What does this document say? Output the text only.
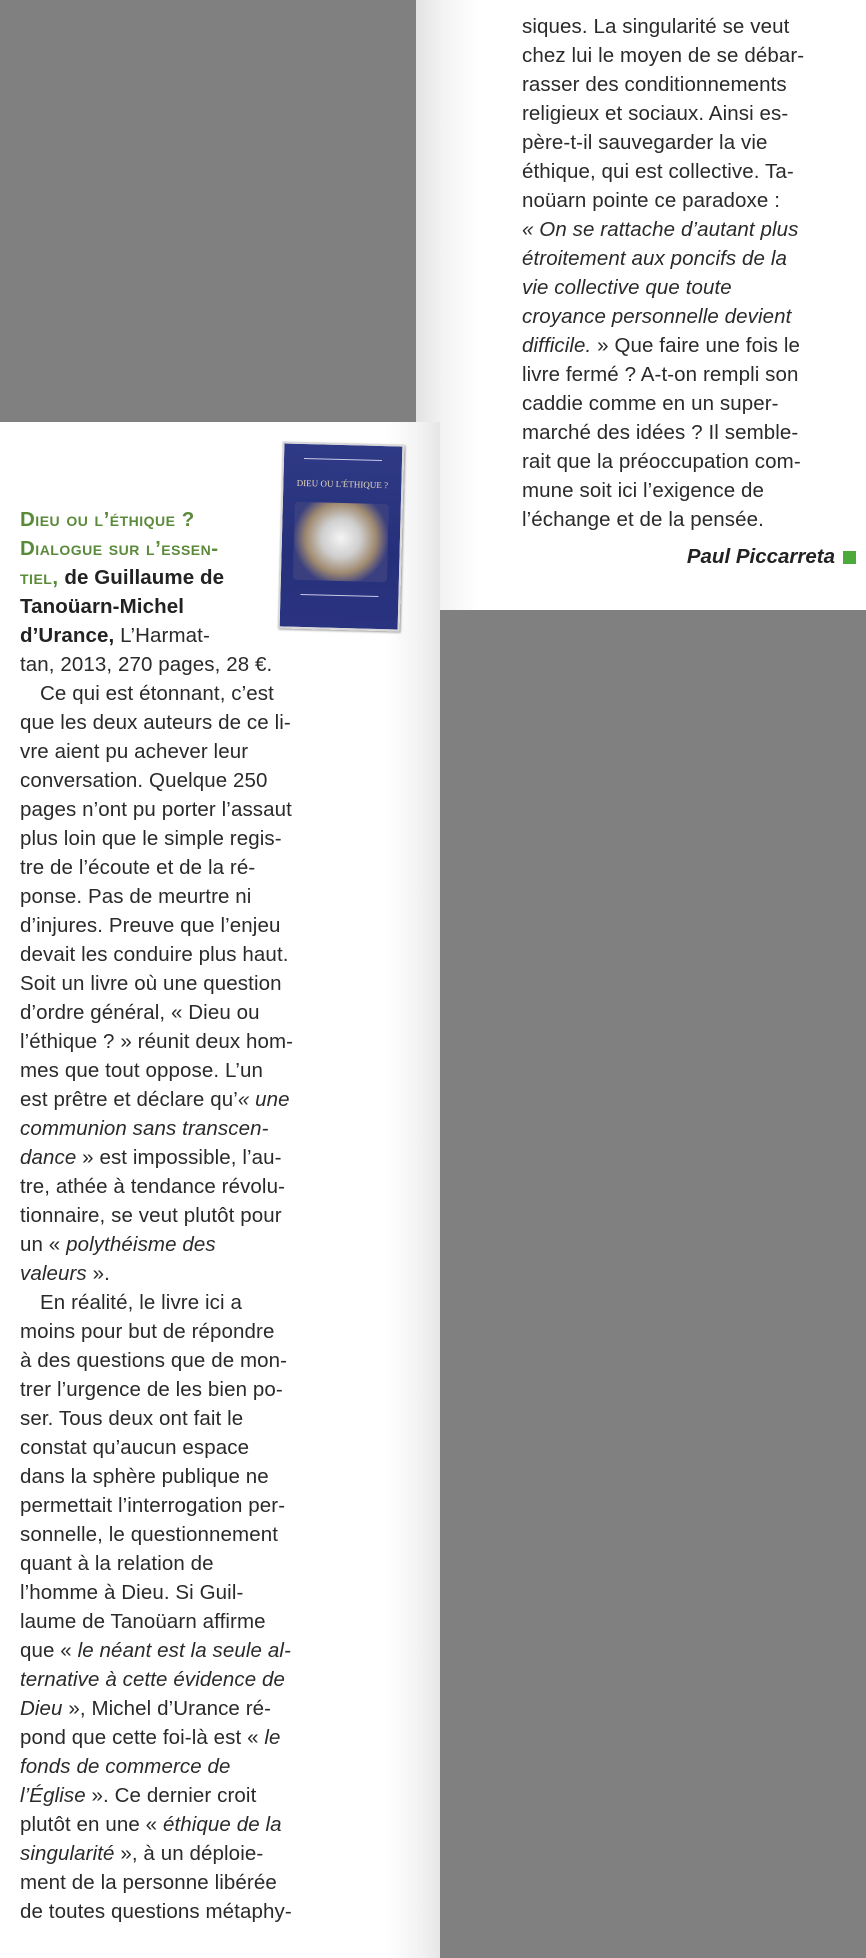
DIEU OU L'ÉTHIQUE ?
Dieu ou l’éthique ?
Dialogue sur l’essen-
tiel, de Guillaume de
Tanoüarn-Michel
d’Urance, L’Harmat-
tan, 2013, 270 pages, 28 €.
Ce qui est étonnant, c’est
que les deux auteurs de ce li-
vre aient pu achever leur
conversation. Quelque 250
pages n’ont pu porter l’assaut
plus loin que le simple regis-
tre de l’écoute et de la ré-
ponse. Pas de meurtre ni
d’injures. Preuve que l’enjeu
devait les conduire plus haut.
Soit un livre où une question
d’ordre général, « Dieu ou
l’éthique ? » réunit deux hom-
mes que tout oppose. L’un
est prêtre et déclare qu’« une
communion sans transcen-
dance » est impossible, l’au-
tre, athée à tendance révolu-
tionnaire, se veut plutôt pour
un « polythéisme des
valeurs ».
En réalité, le livre ici a
moins pour but de répondre
à des questions que de mon-
trer l’urgence de les bien po-
ser. Tous deux ont fait le
constat qu’aucun espace
dans la sphère publique ne
permettait l’interrogation per-
sonnelle, le questionnement
quant à la relation de
l’homme à Dieu. Si Guil-
laume de Tanoüarn affirme
que « le néant est la seule al-
ternative à cette évidence de
Dieu », Michel d’Urance ré-
pond que cette foi-là est « le
fonds de commerce de
l’Église ». Ce dernier croit
plutôt en une « éthique de la
singularité », à un déploie-
ment de la personne libérée
de toutes questions métaphy-
siques. La singularité se veut
chez lui le moyen de se débar-
rasser des conditionnements
religieux et sociaux. Ainsi es-
père-t-il sauvegarder la vie
éthique, qui est collective. Ta-
noüarn pointe ce paradoxe :
« On se rattache d’autant plus
étroitement aux poncifs de la
vie collective que toute
croyance personnelle devient
difficile. » Que faire une fois le
livre fermé ? A-t-on rempli son
caddie comme en un super-
marché des idées ? Il semble-
rait que la préoccupation com-
mune soit ici l’exigence de
l’échange et de la pensée.
Paul Piccarreta
